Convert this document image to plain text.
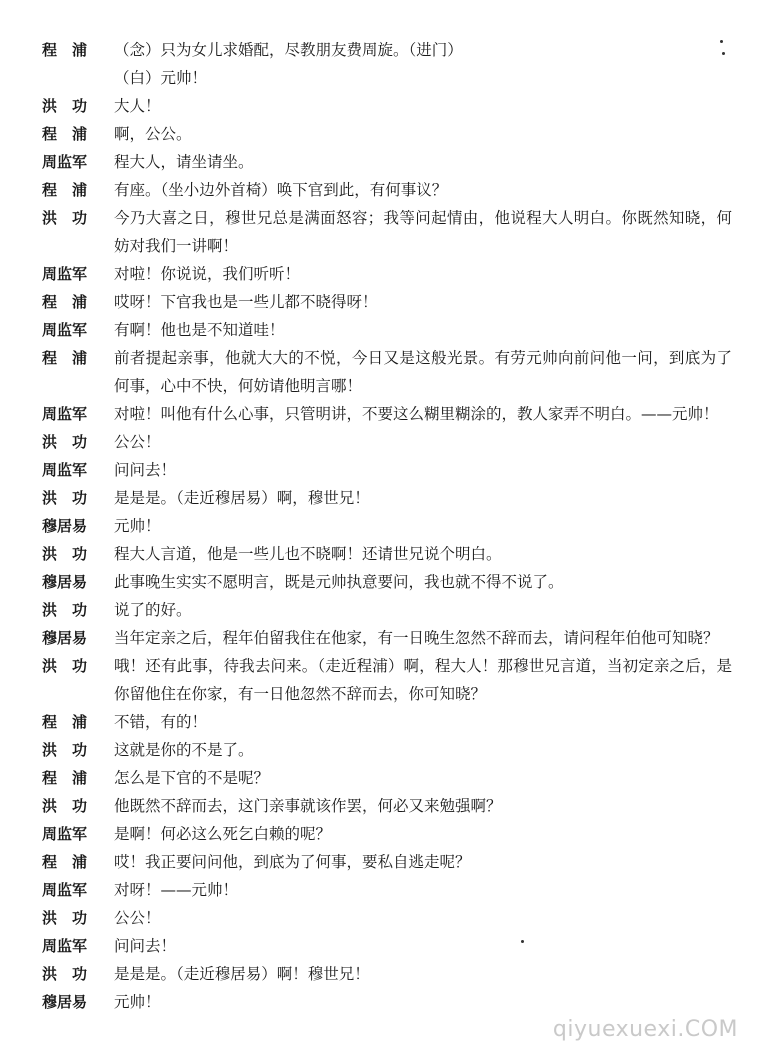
程　浦	（念）只为女儿求婚配，尽教朋友费周旋。（进门）
（白）元帅！
洪　功	大人！
程　浦	啊，公公。
周监军	程大人，请坐请坐。
程　浦	有座。（坐小边外首椅）唤下官到此，有何事议？
洪　功	今乃大喜之日，穆世兄总是满面怒容；我等问起情由，他说程大人明白。你既然知晓，何妨对我们一讲啊！
周监军	对啦！你说说，我们听听！
程　浦	哎呀！下官我也是一些儿都不晓得呀！
周监军	有啊！他也是不知道哇！
程　浦	前者提起亲事，他就大大的不悦，今日又是这般光景。有劳元帅向前问他一问，到底为了何事，心中不快，何妨请他明言哪！
周监军	对啦！叫他有什么心事，只管明讲，不要这么糊里糊涂的，教人家弄不明白。——元帅！
洪　功	公公！
周监军	问问去！
洪　功	是是是。（走近穆居易）啊，穆世兄！
穆居易	元帅！
洪　功	程大人言道，他是一些儿也不晓啊！还请世兄说个明白。
穆居易	此事晚生实实不愿明言，既是元帅执意要问，我也就不得不说了。
洪　功	说了的好。
穆居易	当年定亲之后，程年伯留我住在他家，有一日晚生忽然不辞而去，请问程年伯他可知晓？
洪　功	哦！还有此事，待我去问来。（走近程浦）啊，程大人！那穆世兄言道，当初定亲之后，是你留他住在你家，有一日他忽然不辞而去，你可知晓？
程　浦	不错，有的！
洪　功	这就是你的不是了。
程　浦	怎么是下官的不是呢？
洪　功	他既然不辞而去，这门亲事就该作罢，何必又来勉强啊？
周监军	是啊！何必这么死乞白赖的呢？
程　浦	哎！我正要问问他，到底为了何事，要私自逃走呢？
周监军	对呀！——元帅！
洪　功	公公！
周监军	问问去！
洪　功	是是是。（走近穆居易）啊！穆世兄！
穆居易	元帅！
qiyuexuexi.COM
